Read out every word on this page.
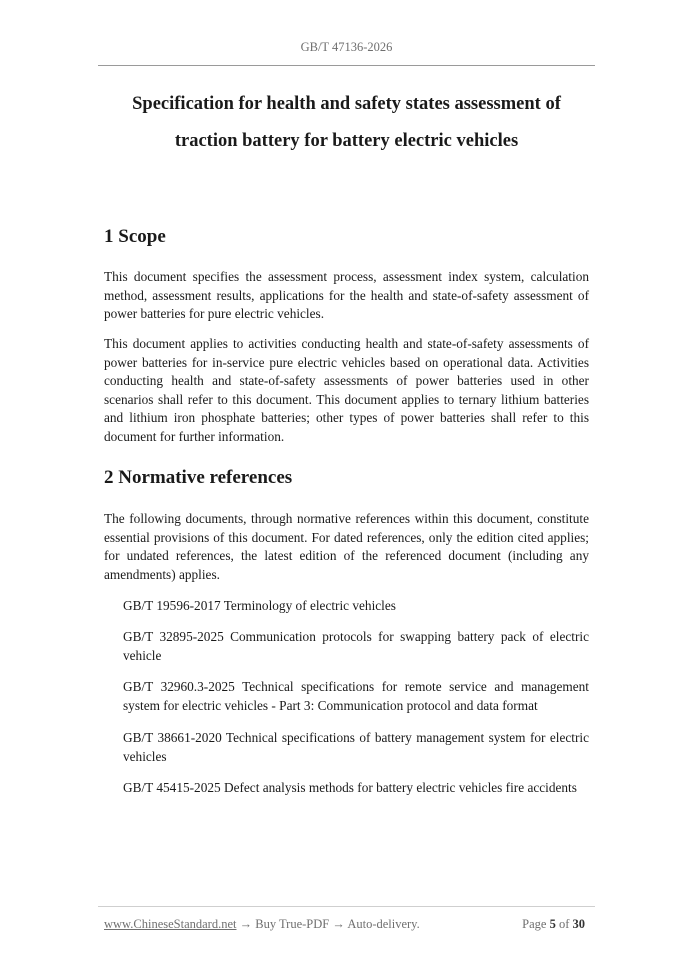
GB/T 47136-2026
Specification for health and safety states assessment of
traction battery for battery electric vehicles
1 Scope

This document specifies the assessment process, assessment index system, calculation method, assessment results, applications for the health and state-of-safety assessment of power batteries for pure electric vehicles.

This document applies to activities conducting health and state-of-safety assessments of power batteries for in-service pure electric vehicles based on operational data. Activities conducting health and state-of-safety assessments of power batteries used in other scenarios shall refer to this document. This document applies to ternary lithium batteries and lithium iron phosphate batteries; other types of power batteries shall refer to this document for further information.

2 Normative references

The following documents, through normative references within this document, constitute essential provisions of this document. For dated references, only the edition cited applies; for undated references, the latest edition of the referenced document (including any amendments) applies.

GB/T 19596-2017 Terminology of electric vehicles

GB/T 32895-2025 Communication protocols for swapping battery pack of electric vehicle

GB/T 32960.3-2025 Technical specifications for remote service and management system for electric vehicles - Part 3: Communication protocol and data format

GB/T 38661-2020 Technical specifications of battery management system for electric vehicles

GB/T 45415-2025 Defect analysis methods for battery electric vehicles fire accidents

www.ChineseStandard.net → Buy True-PDF → Auto-delivery.	Page 5 of 30
